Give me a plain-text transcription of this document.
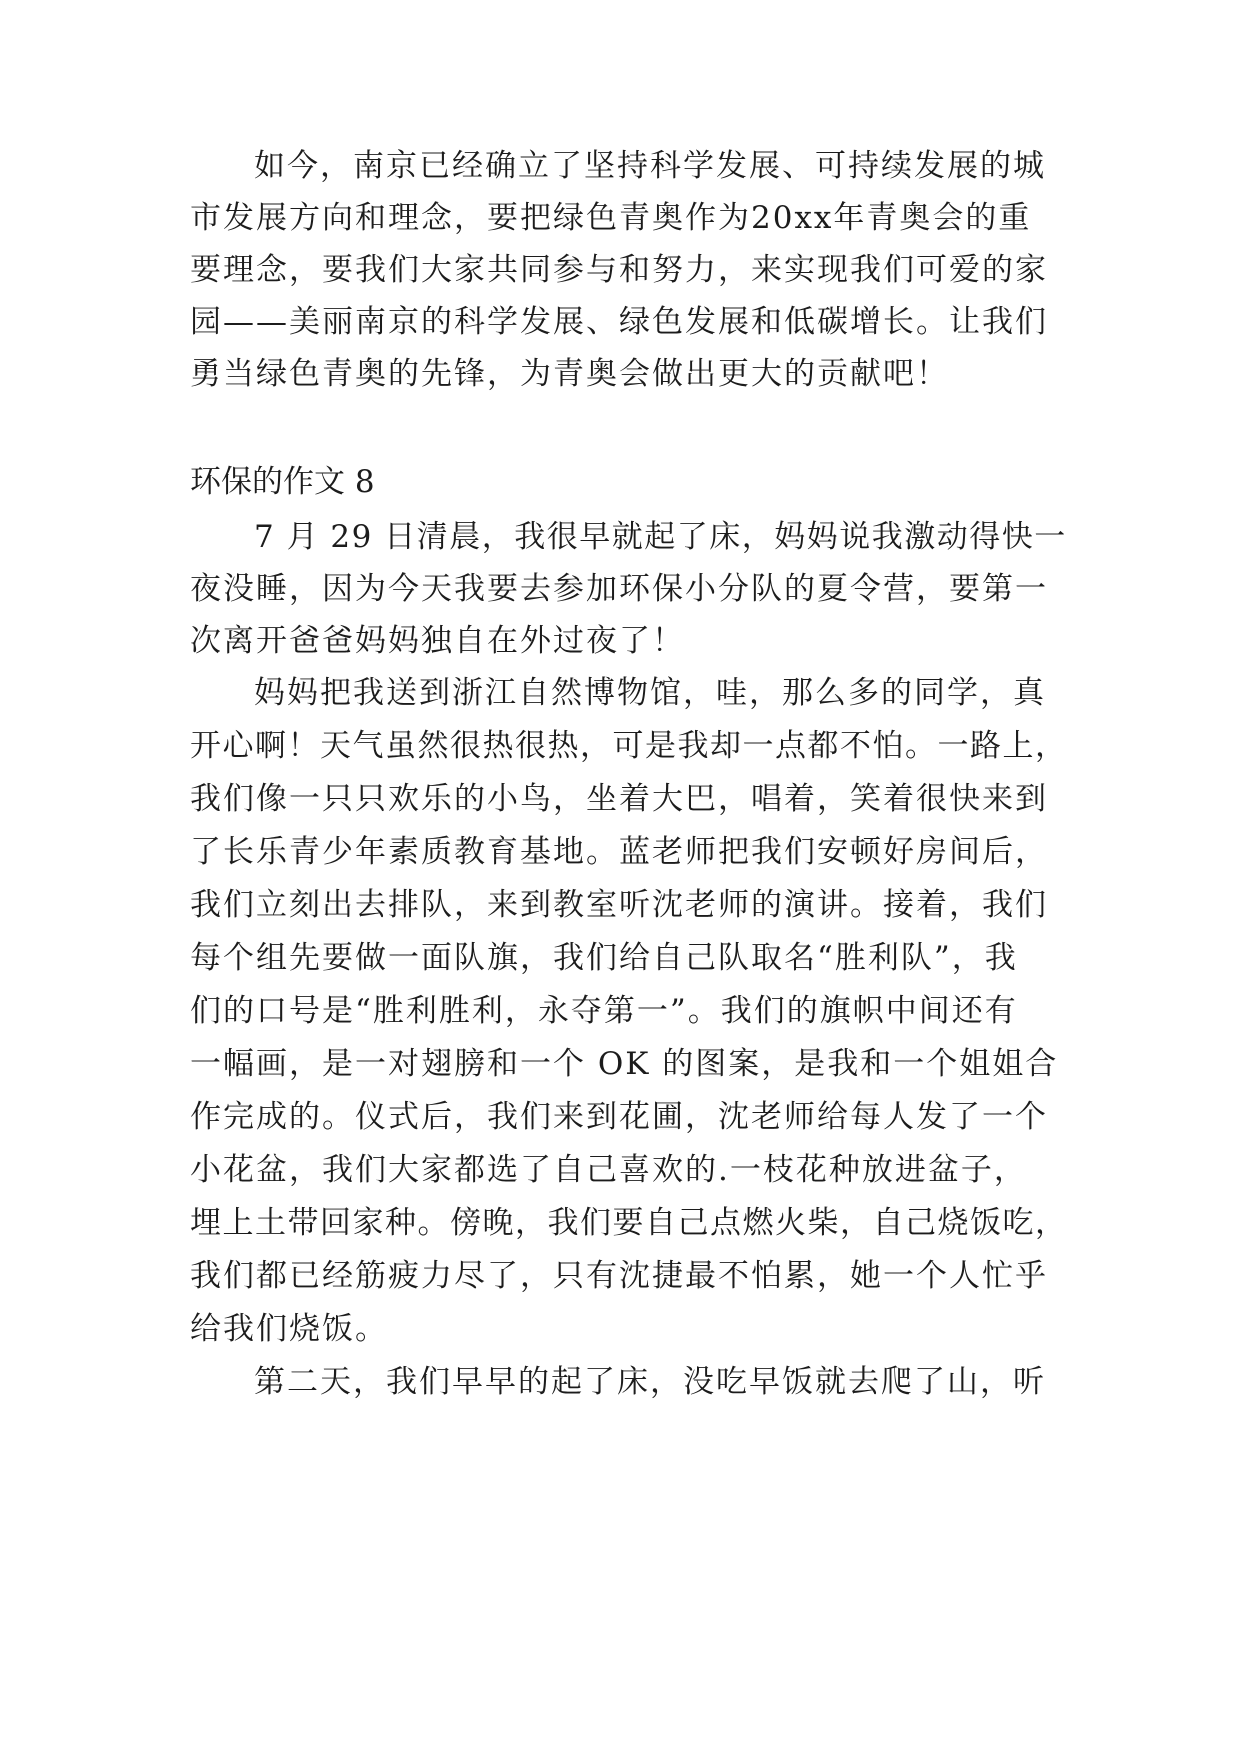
如今，南京已经确立了坚持科学发展、可持续发展的城
市发展方向和理念，要把绿色青奥作为20xx年青奥会的重
要理念，要我们大家共同参与和努力，来实现我们可爱的家
园——美丽南京的科学发展、绿色发展和低碳增长。让我们
勇当绿色青奥的先锋，为青奥会做出更大的贡献吧！
环保的作文 8
7 月 29 日清晨，我很早就起了床，妈妈说我激动得快一
夜没睡，因为今天我要去参加环保小分队的夏令营，要第一
次离开爸爸妈妈独自在外过夜了！
妈妈把我送到浙江自然博物馆，哇，那么多的同学，真
开心啊！天气虽然很热很热，可是我却一点都不怕。一路上，
我们像一只只欢乐的小鸟，坐着大巴，唱着，笑着很快来到
了长乐青少年素质教育基地。蓝老师把我们安顿好房间后，
我们立刻出去排队，来到教室听沈老师的演讲。接着，我们
每个组先要做一面队旗，我们给自己队取名“胜利队”，我
们的口号是“胜利胜利，永夺第一”。我们的旗帜中间还有
一幅画，是一对翅膀和一个 OK 的图案，是我和一个姐姐合
作完成的。仪式后，我们来到花圃，沈老师给每人发了一个
小花盆，我们大家都选了自己喜欢的.一枝花种放进盆子，
埋上土带回家种。傍晚，我们要自己点燃火柴，自己烧饭吃，
我们都已经筋疲力尽了，只有沈捷最不怕累，她一个人忙乎
给我们烧饭。
第二天，我们早早的起了床，没吃早饭就去爬了山，听
